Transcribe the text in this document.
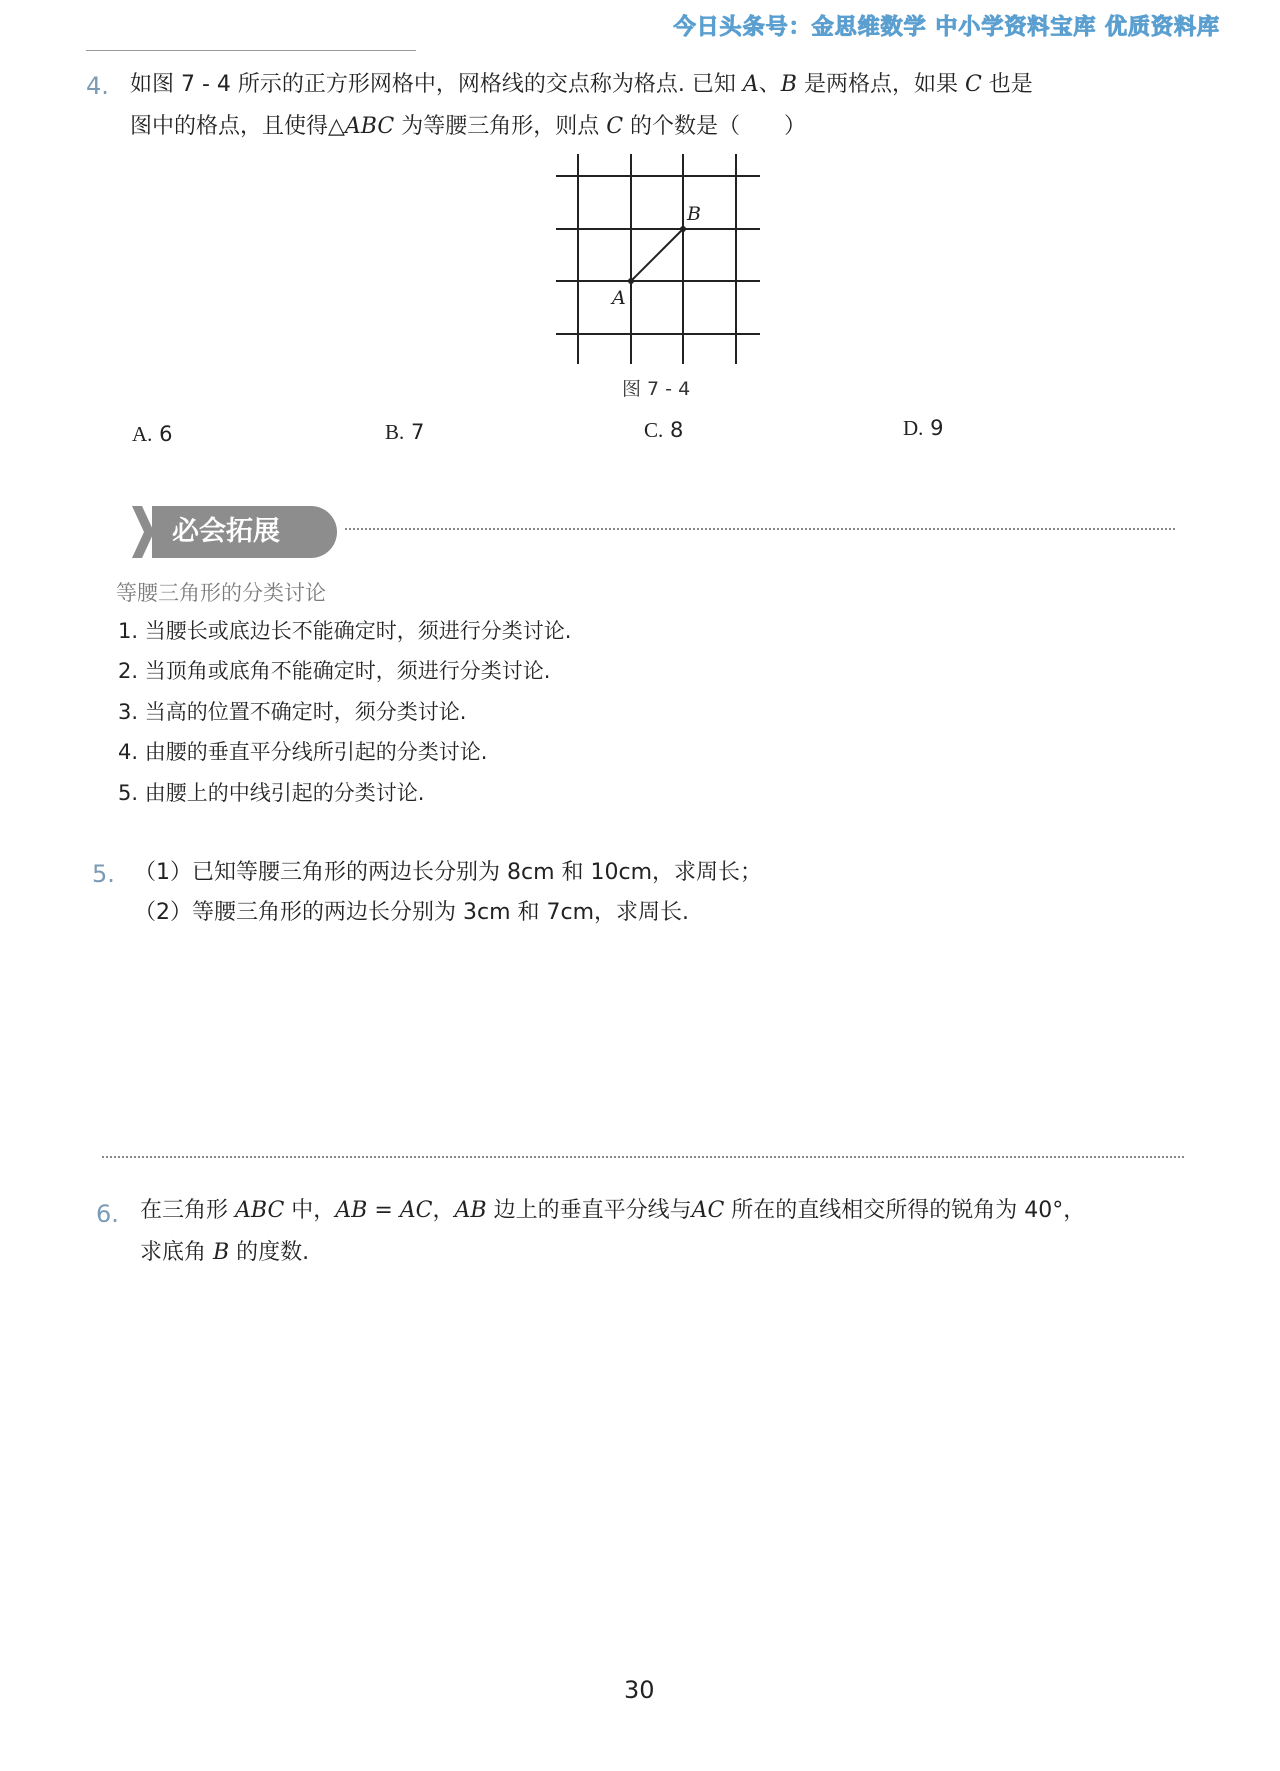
今日头条号：金思维数学 中小学资料宝库 优质资料库
4. 如图 7 - 4 所示的正方形网格中，网格线的交点称为格点. 已知 A、B 是两格点，如果 C 也是
图中的格点，且使得△ABC 为等腰三角形，则点 C 的个数是（　　）
A
B
图 7 - 4
A. 6	B. 7	C. 8	D. 9
必会拓展
等腰三角形的分类讨论
1. 当腰长或底边长不能确定时，须进行分类讨论.
2. 当顶角或底角不能确定时，须进行分类讨论.
3. 当高的位置不确定时，须分类讨论.
4. 由腰的垂直平分线所引起的分类讨论.
5. 由腰上的中线引起的分类讨论.
5. （1）已知等腰三角形的两边长分别为 8cm 和 10cm，求周长；
（2）等腰三角形的两边长分别为 3cm 和 7cm，求周长.
6. 在三角形 ABC 中，AB = AC，AB 边上的垂直平分线与AC 所在的直线相交所得的锐角为 40°，
求底角 B 的度数.
30
